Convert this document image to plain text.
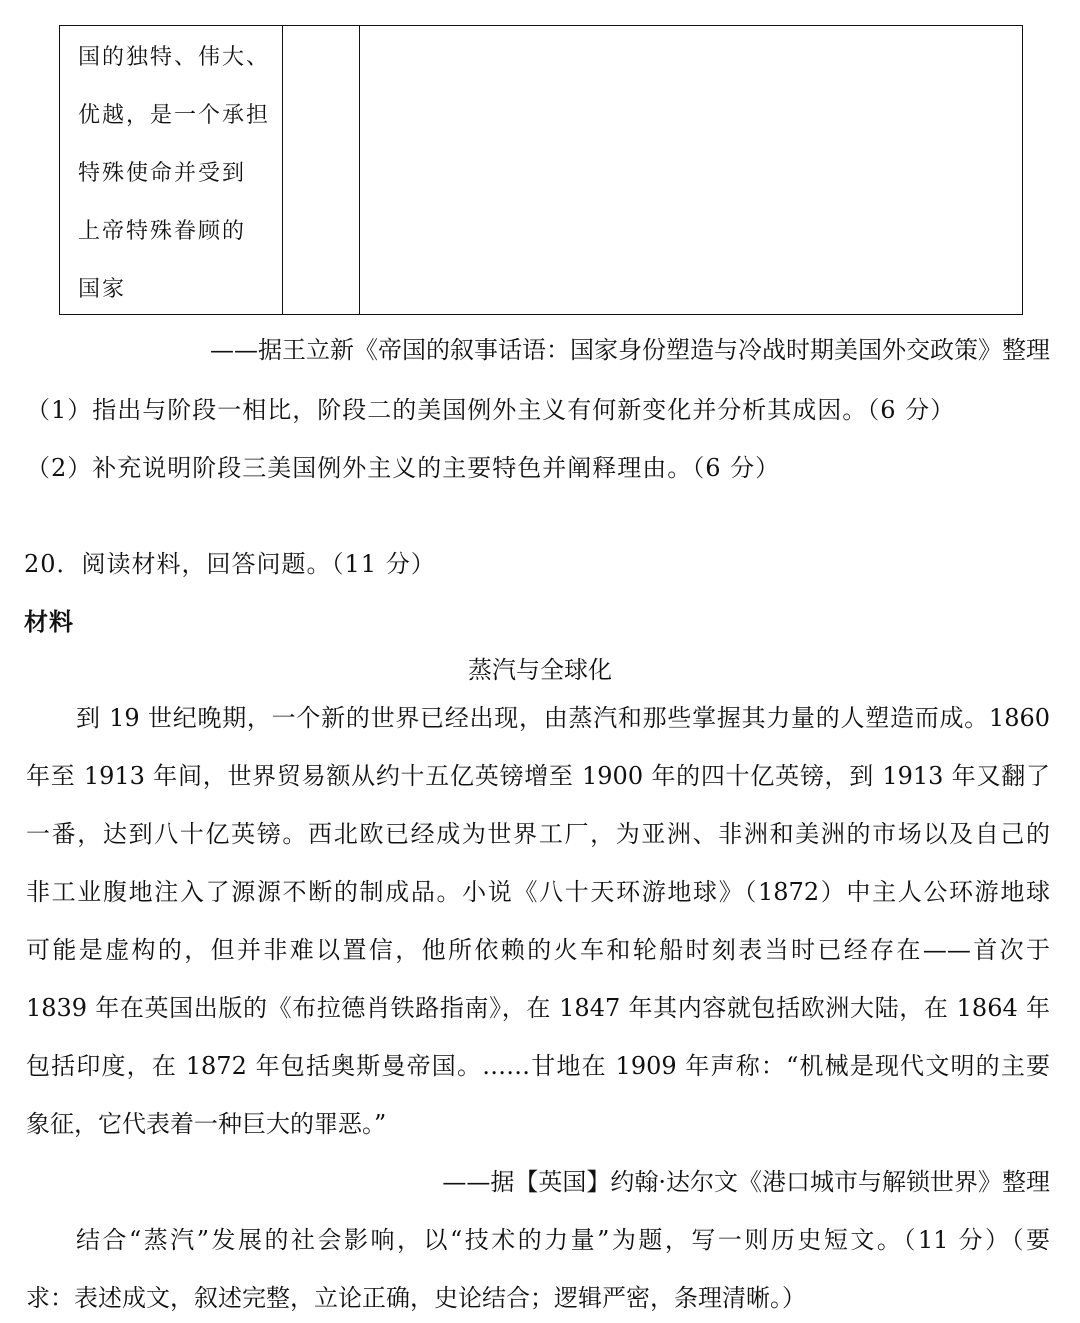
国的独特、伟大、
优越，是一个承担
特殊使命并受到
上帝特殊眷顾的
国家
——据王立新《帝国的叙事话语：国家身份塑造与冷战时期美国外交政策》整理
（1）指出与阶段一相比，阶段二的美国例外主义有何新变化并分析其成因。（6 分）
（2）补充说明阶段三美国例外主义的主要特色并阐释理由。（6 分）
20．阅读材料，回答问题。（11 分）
材料
蒸汽与全球化
到 19 世纪晚期，一个新的世界已经出现，由蒸汽和那些掌握其力量的人塑造而成。1860
年至 1913 年间，世界贸易额从约十五亿英镑增至 1900 年的四十亿英镑，到 1913 年又翻了
一番，达到八十亿英镑。西北欧已经成为世界工厂，为亚洲、非洲和美洲的市场以及自己的
非工业腹地注入了源源不断的制成品。小说《八十天环游地球》（1872）中主人公环游地球
可能是虚构的，但并非难以置信，他所依赖的火车和轮船时刻表当时已经存在——首次于
1839 年在英国出版的《布拉德肖铁路指南》，在 1847 年其内容就包括欧洲大陆，在 1864 年
包括印度，在 1872 年包括奥斯曼帝国。……甘地在 1909 年声称：“机械是现代文明的主要
象征，它代表着一种巨大的罪恶。”
——据【英国】约翰·达尔文《港口城市与解锁世界》整理
结合“蒸汽”发展的社会影响，以“技术的力量”为题，写一则历史短文。（11 分）（要
求：表述成文，叙述完整，立论正确，史论结合；逻辑严密，条理清晰。）
